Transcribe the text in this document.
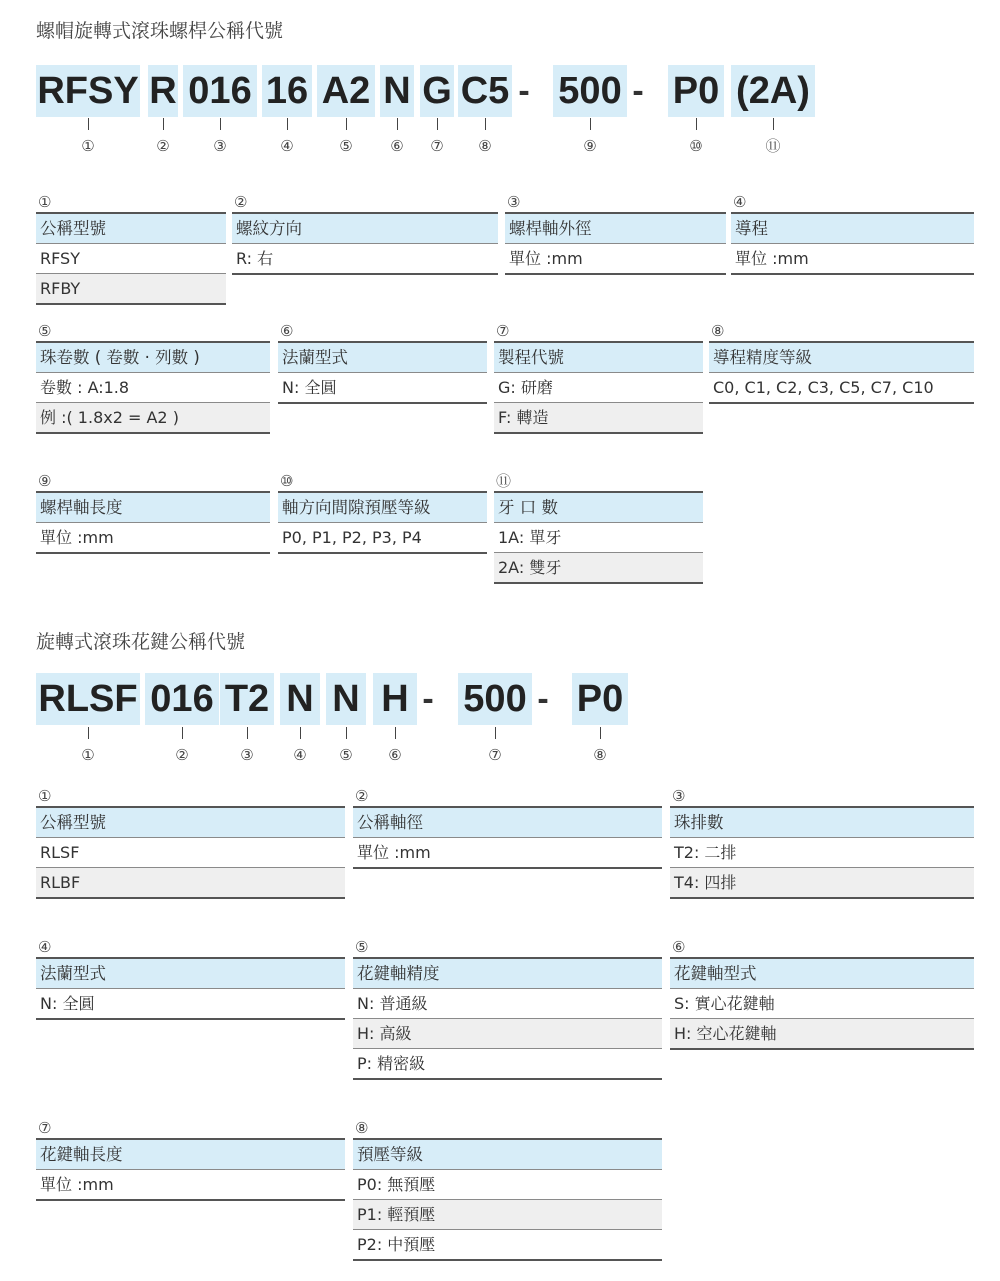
螺帽旋轉式滾珠螺桿公稱代號
RFSY
①
R
②
016
③
16
④
A2
⑤
N
⑥
G
⑦
C5
⑧
500
⑨
P0
⑩
(2A)
⑪
-	-
①
公稱型號
RFSY
RFBY
②
螺紋方向
R: 右
③
螺桿軸外徑
單位 :mm
④
導程
單位 :mm
⑤
珠卷數 ( 卷數 · 列數 )
卷數 : A:1.8
例 :( 1.8x2 = A2 )
⑥
法蘭型式
N: 全圓
⑦
製程代號
G: 研磨
F: 轉造
⑧
導程精度等級
C0, C1, C2, C3, C5, C7, C10
⑨
螺桿軸長度
單位 :mm
⑩
軸方向間隙預壓等級
P0, P1, P2, P3, P4
⑪
牙 口 數
1A: 單牙
2A: 雙牙
旋轉式滾珠花鍵公稱代號
RLSF
①
016
②
T2
③
N
④
N
⑤
H
⑥
500
⑦
P0
⑧
-	-
①
公稱型號
RLSF
RLBF
②
公稱軸徑
單位 :mm
③
珠排數
T2: 二排
T4: 四排
④
法蘭型式
N: 全圓
⑤
花鍵軸精度
N: 普通級
H: 高級
P: 精密級
⑥
花鍵軸型式
S: 實心花鍵軸
H: 空心花鍵軸
⑦
花鍵軸長度
單位 :mm
⑧
預壓等級
P0: 無預壓
P1: 輕預壓
P2: 中預壓
